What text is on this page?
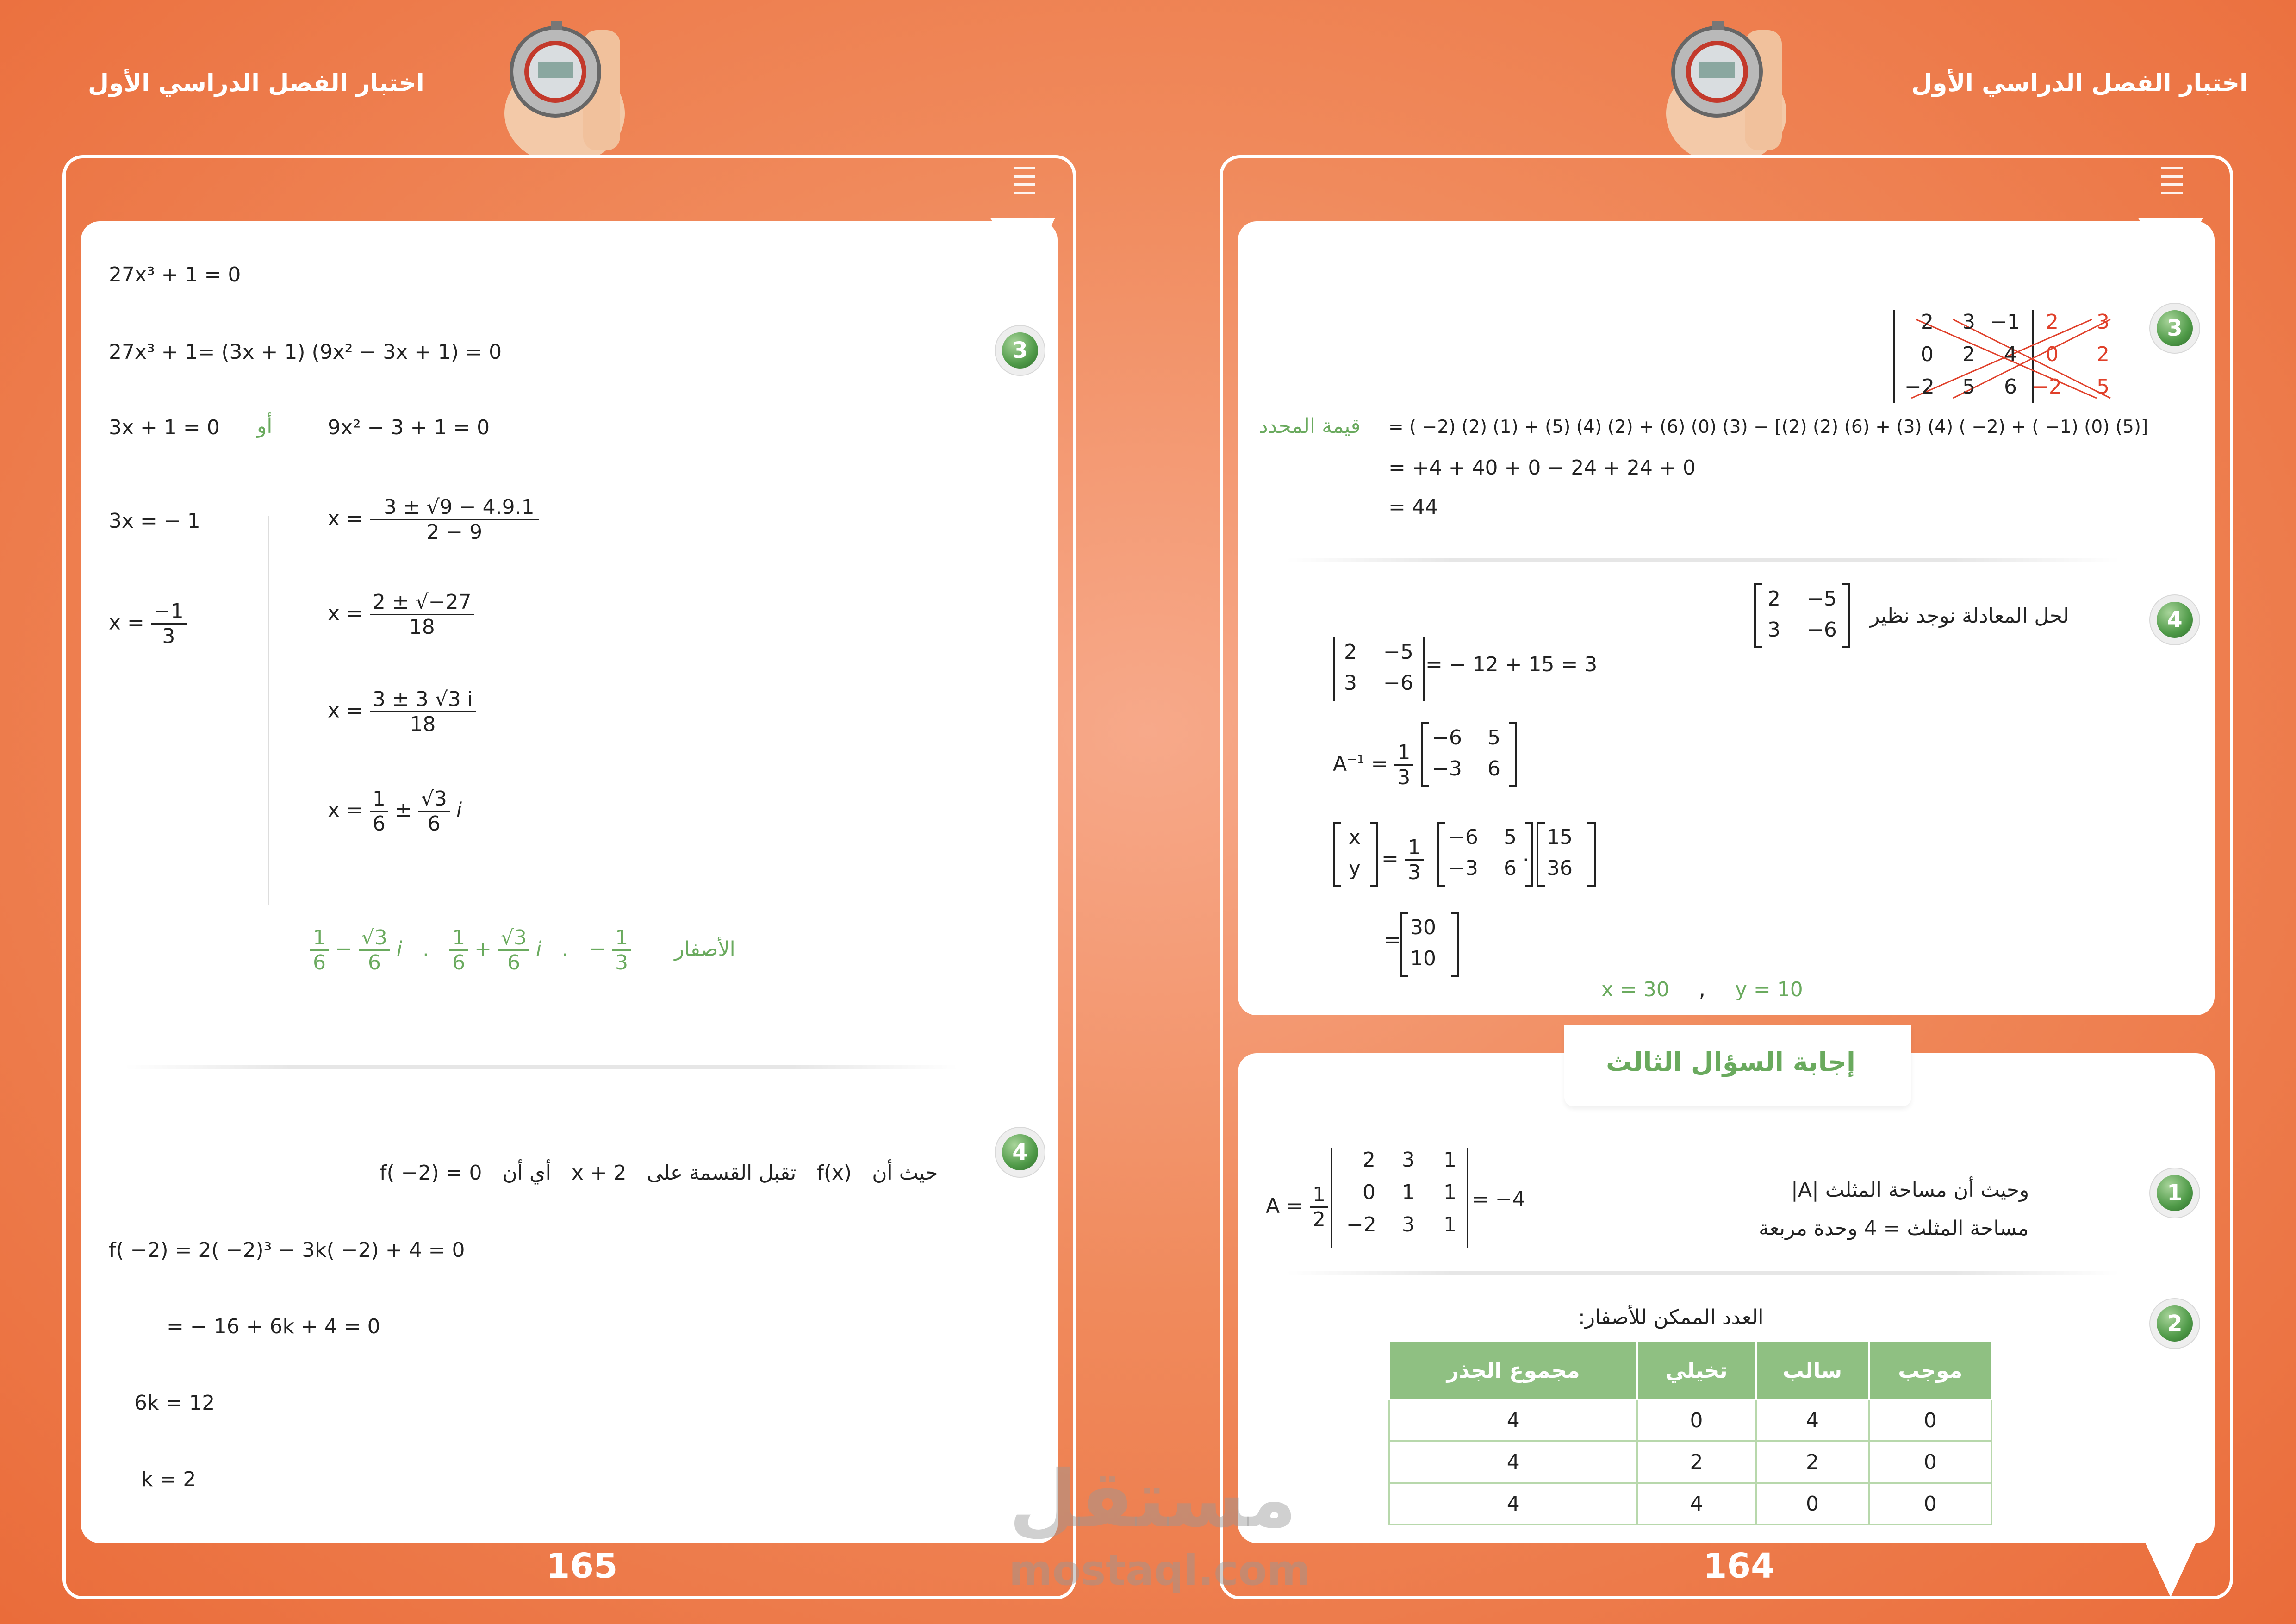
اختبار الفصل الدراسي الأول	اختبار الفصل الدراسي الأول
3
27x³ + 1 = 0
27x³ + 1= (3x + 1) (9x² − 3x + 1) = 0
3x + 1 = 0 أو	9x² − 3 + 1 = 0
3x = − 1
$x = \frac{-1}{3}$
$x = \frac{3 \pm √9 - 4.9.1}{2 - 9}$
$x = \frac{2 \pm √-27}{18}$
$x = \frac{3 \pm 3 √3 i}{18}$
$x = \frac{1}{6} \pm \frac{√3}{6}$ i
$\frac{1}{6} - \frac{√3}{6}$ i . $\frac{1}{6} + \frac{√3}{6}$ i . − $\frac{1}{3}$ الأصفار
4
حيث أن f(x) تقبل القسمة على x + 2 أي أن f( −2) = 0
f( −2) = 2( −2)³ − 3k( −2) + 4 = 0
= − 16 + 6k + 4 = 0
6k = 12
k = 2
165
3
2 3 −1
0 2 4
−2 5 6
2 3
0 2
−2 5
قيمة المحدد = ( −2) (2) (1) + (5) (4) (2) + (6) (0) (3) − [(2) (2) (6) + (3) (4) ( −2) + ( −1) (0) (5)]
= +4 + 40 + 0 − 24 + 24 + 0
= 44
4
لحل المعادلة نوجد نظير
2 −5
3 −6
2 −5
3 −6
= − 12 + 15 = 3
$A^{-1} = \frac{1}{3}$
−6 5
−3 6
x
$y = \frac{1}{3} -6$ 5
−3 6
.
15
36
=
30
10
x = 30 , y = 10
إجابة السؤال الثالث
1
$A = \frac{1}{2}$
2 3 1
0 1 1
−2 3 1
= −4	وحيث أن مساحة المثلث |A|
مساحة المثلث = 4 وحدة مربعة
2
العدد الممكن للأصفار:
مجموع الجذر	تخيلي	سالب	موجب
4	0	4	0
4	2	2	0
4	4	0	0
164
مستقل
mostaql.com
